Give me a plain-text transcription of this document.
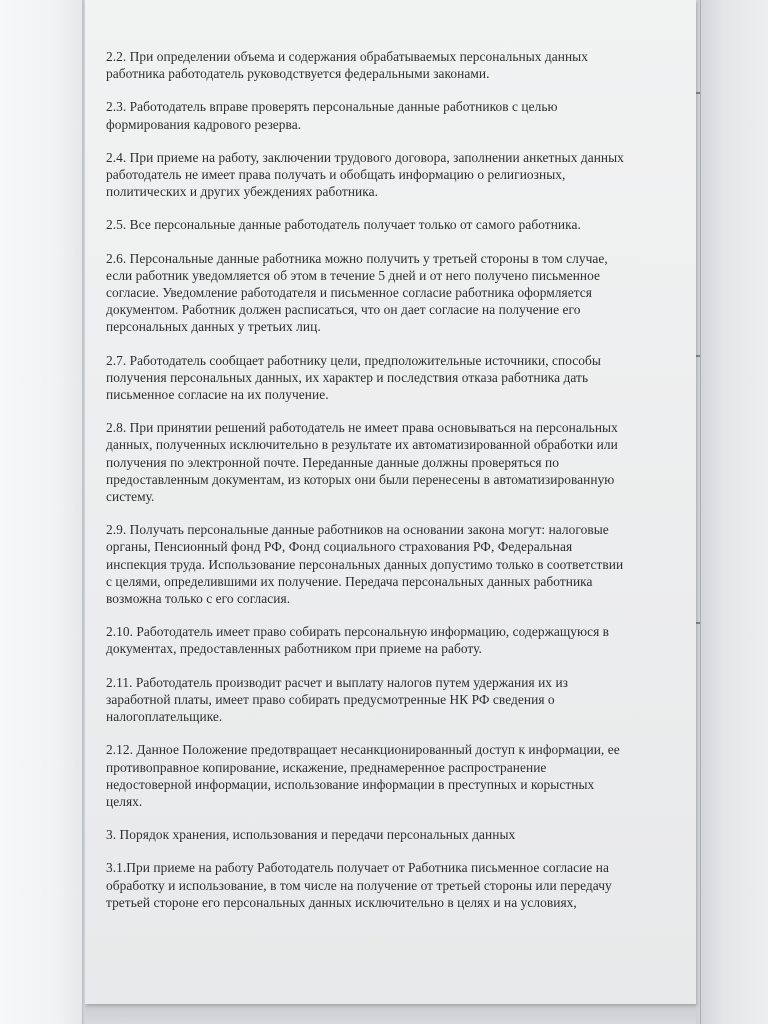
2.2. При определении объема и содержания обрабатываемых персональных данных
работника работодатель руководствуется федеральными законами.

2.3. Работодатель вправе проверять персональные данные работников с целью
формирования кадрового резерва.

2.4. При приеме на работу, заключении трудового договора, заполнении анкетных данных
работодатель не имеет права получать и обобщать информацию о религиозных,
политических и других убеждениях работника.

2.5. Все персональные данные работодатель получает только от самого работника.

2.6. Персональные данные работника можно получить у третьей стороны в том случае,
если работник уведомляется об этом в течение 5 дней и от него получено письменное
согласие. Уведомление работодателя и письменное согласие работника оформляется
документом. Работник должен расписаться, что он дает согласие на получение его
персональных данных у третьих лиц.

2.7. Работодатель сообщает работнику цели, предположительные источники, способы
получения персональных данных, их характер и последствия отказа работника дать
письменное согласие на их получение.

2.8. При принятии решений работодатель не имеет права основываться на персональных
данных, полученных исключительно в результате их автоматизированной обработки или
получения по электронной почте. Переданные данные должны проверяться по
предоставленным документам, из которых они были перенесены в автоматизированную
систему.

2.9. Получать персональные данные работников на основании закона могут: налоговые
органы, Пенсионный фонд РФ, Фонд социального страхования РФ, Федеральная
инспекция труда. Использование персональных данных допустимо только в соответствии
с целями, определившими их получение. Передача персональных данных работника
возможна только с его согласия.

2.10. Работодатель имеет право собирать персональную информацию, содержащуюся в
документах, предоставленных работником при приеме на работу.

2.11. Работодатель производит расчет и выплату налогов путем удержания их из
заработной платы, имеет право собирать предусмотренные НК РФ сведения о
налогоплательщике.

2.12. Данное Положение предотвращает несанкционированный доступ к информации, ее
противоправное копирование, искажение, преднамеренное распространение
недостоверной информации, использование информации в преступных и корыстных
целях.

3. Порядок хранения, использования и передачи персональных данных

3.1.При приеме на работу Работодатель получает от Работника письменное согласие на
обработку и использование, в том числе на получение от третьей стороны или передачу
третьей стороне его персональных данных исключительно в целях и на условиях,
